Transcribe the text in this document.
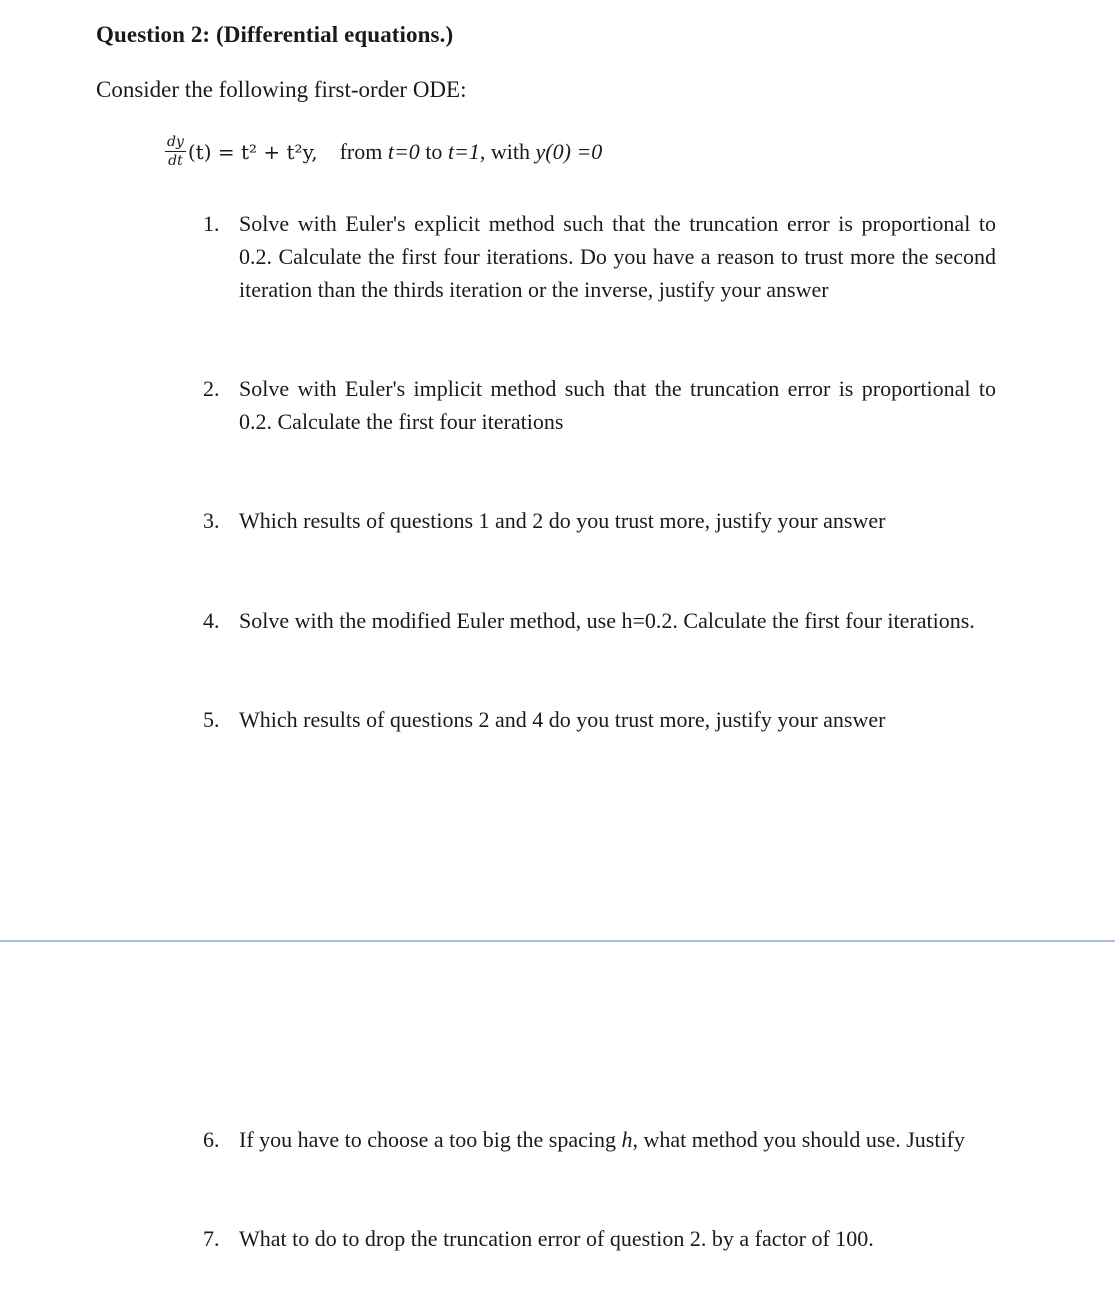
Question 2: (Differential equations.)
Consider the following first-order ODE:
$\frac{dy}{dt} (t) = t^2 + t^2y$, from t=0 to t=1, with y(0) =0
1. Solve with Euler's explicit method such that the truncation error is proportional to 0.2. Calculate the first four iterations. Do you have a reason to trust more the second iteration than the thirds iteration or the inverse, justify your answer
2. Solve with Euler's implicit method such that the truncation error is proportional to 0.2. Calculate the first four iterations
3. Which results of questions 1 and 2 do you trust more, justify your answer
4. Solve with the modified Euler method, use h=0.2. Calculate the first four iterations.
5. Which results of questions 2 and 4 do you trust more, justify your answer
6. If you have to choose a too big the spacing h, what method you should use. Justify
7. What to do to drop the truncation error of question 2. by a factor of 100.
